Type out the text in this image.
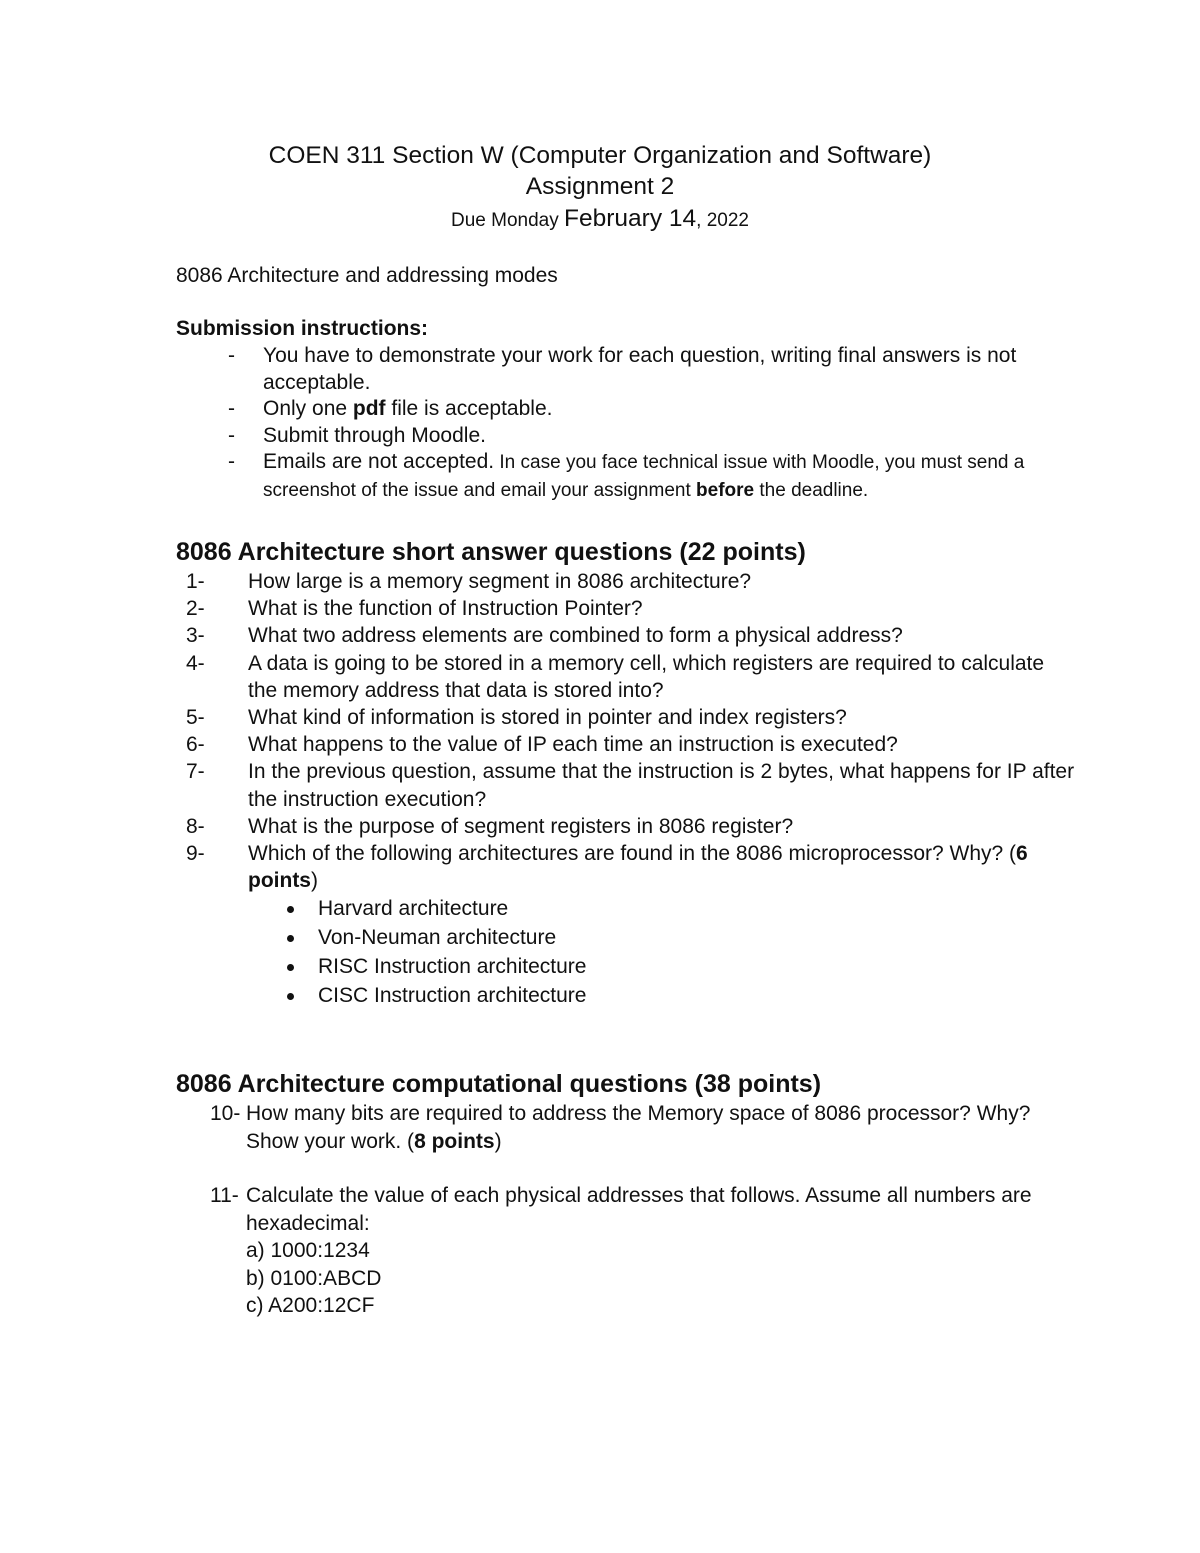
COEN 311 Section W (Computer Organization and Software)
Assignment 2
Due Monday February 14, 2022
8086 Architecture and addressing modes
Submission instructions:
- You have to demonstrate your work for each question, writing final answers is not acceptable.
- Only one pdf file is acceptable.
- Submit through Moodle.
- Emails are not accepted. In case you face technical issue with Moodle, you must send a screenshot of the issue and email your assignment before the deadline.
8086 Architecture short answer questions (22 points)
1- How large is a memory segment in 8086 architecture?
2- What is the function of Instruction Pointer?
3- What two address elements are combined to form a physical address?
4- A data is going to be stored in a memory cell, which registers are required to calculate the memory address that data is stored into?
5- What kind of information is stored in pointer and index registers?
6- What happens to the value of IP each time an instruction is executed?
7- In the previous question, assume that the instruction is 2 bytes, what happens for IP after the instruction execution?
8- What is the purpose of segment registers in 8086 register?
9- Which of the following architectures are found in the 8086 microprocessor? Why? (6 points)
Harvard architecture
Von-Neuman architecture
RISC Instruction architecture
CISC Instruction architecture
8086 Architecture computational questions (38 points)
10- How many bits are required to address the Memory space of 8086 processor? Why? Show your work. (8 points)
11- Calculate the value of each physical addresses that follows. Assume all numbers are hexadecimal:
a) 1000:1234
b) 0100:ABCD
c) A200:12CF
